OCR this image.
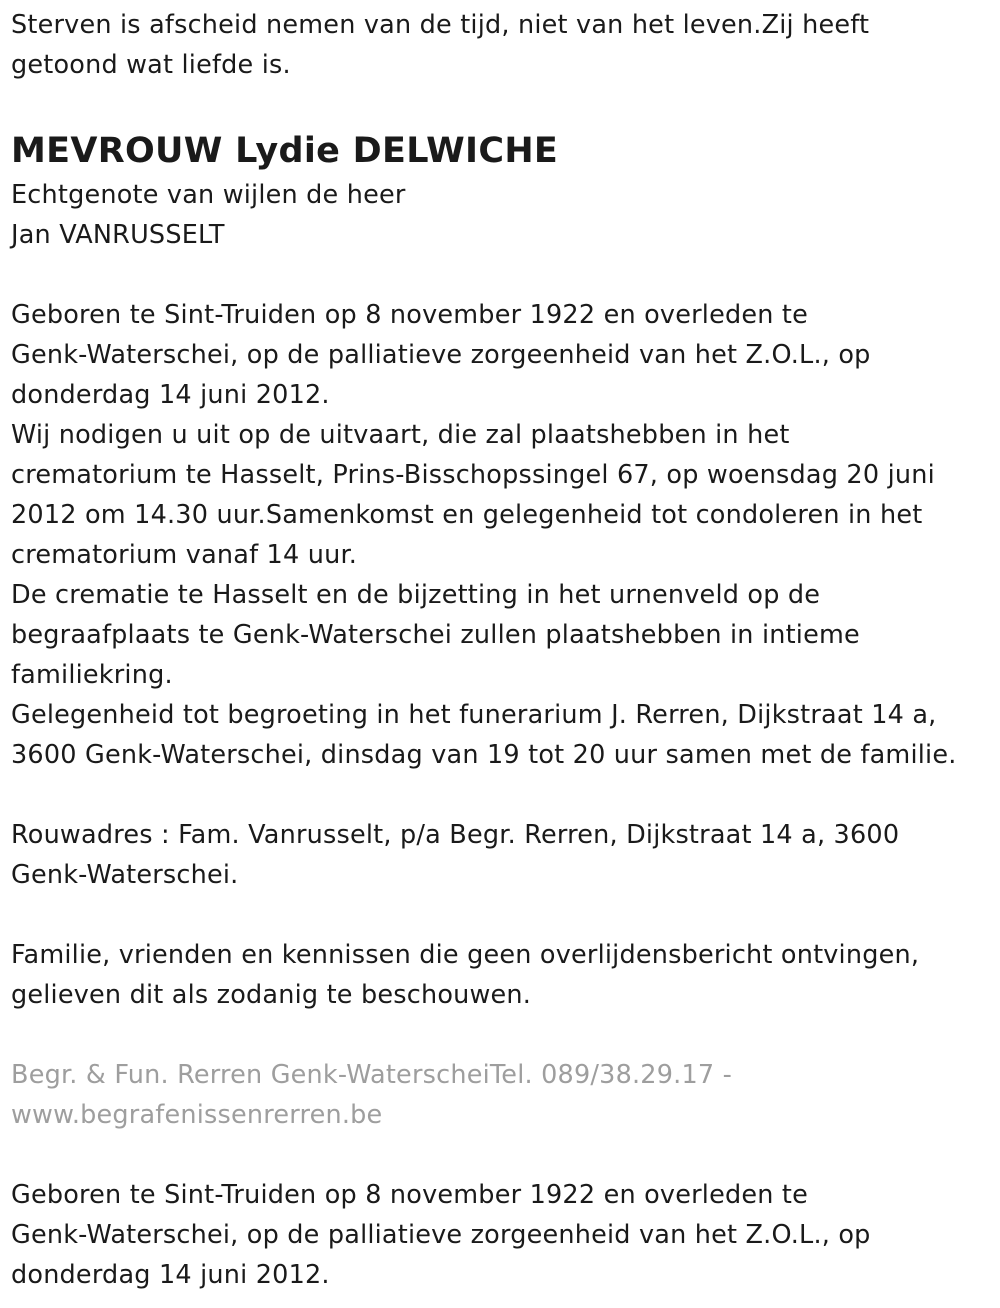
Sterven is afscheid nemen van de tijd, niet van het leven.Zij heeft
getoond wat liefde is.
MEVROUW Lydie DELWICHE
Echtgenote van wijlen de heer
Jan VANRUSSELT
Geboren te Sint-Truiden op 8 november 1922 en overleden te
Genk-Waterschei, op de palliatieve zorgeenheid van het Z.O.L., op
donderdag 14 juni 2012.
Wij nodigen u uit op de uitvaart, die zal plaatshebben in het
crematorium te Hasselt, Prins-Bisschopssingel 67, op woensdag 20 juni
2012 om 14.30 uur.Samenkomst en gelegenheid tot condoleren in het
crematorium vanaf 14 uur.
De crematie te Hasselt en de bijzetting in het urnenveld op de
begraafplaats te Genk-Waterschei zullen plaatshebben in intieme
familiekring.
Gelegenheid tot begroeting in het funerarium J. Rerren, Dijkstraat 14 a,
3600 Genk-Waterschei, dinsdag van 19 tot 20 uur samen met de familie.
Rouwadres : Fam. Vanrusselt, p/a Begr. Rerren, Dijkstraat 14 a, 3600
Genk-Waterschei.
Familie, vrienden en kennissen die geen overlijdensbericht ontvingen,
gelieven dit als zodanig te beschouwen.
Begr. & Fun. Rerren Genk-WaterscheiTel. 089/38.29.17 -
www.begrafenissenrerren.be
Geboren te Sint-Truiden op 8 november 1922 en overleden te
Genk-Waterschei, op de palliatieve zorgeenheid van het Z.O.L., op
donderdag 14 juni 2012.
